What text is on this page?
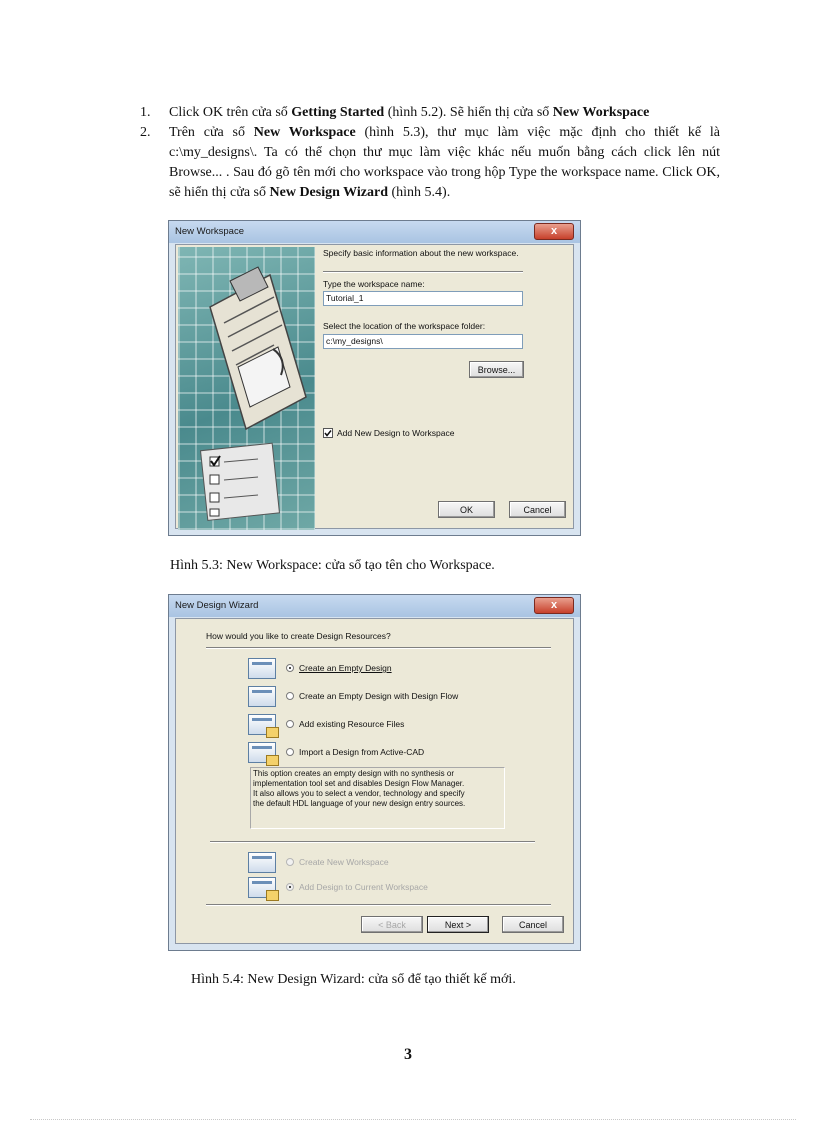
1. Click OK trên cửa sổ Getting Started (hình 5.2). Sẽ hiển thị cửa sổ New Workspace
2. Trên cửa sổ New Workspace (hình 5.3), thư mục làm việc mặc định cho thiết kế là c:\my_designs\. Ta có thể chọn thư mục làm việc khác nếu muốn bằng cách click lên nút Browse... . Sau đó gõ tên mới cho workspace vào trong hộp Type the workspace name. Click OK, sẽ hiển thị cửa sổ New Design Wizard (hình 5.4).
New Workspace	x
Specify basic information about the new workspace.
Type the workspace name:
Tutorial_1
Select the location of the workspace folder:
c:\my_designs\
Browse...
Add New Design to Workspace
OK	Cancel
Hình 5.3: New Workspace: cửa sổ tạo tên cho Workspace.
New Design Wizard	x
How would you like to create Design Resources?
Create an Empty Design
Create an Empty Design with Design Flow
Add existing Resource Files
Import a Design from Active-CAD
This option creates an empty design with no synthesis or
implementation tool set and disables Design Flow Manager.
It also allows you to select a vendor, technology and specify
the default HDL language of your new design entry sources.
Create New Workspace
Add Design to Current Workspace
< Back	Next >	Cancel
Hình 5.4: New Design Wizard: cửa sổ để tạo thiết kế mới.
3
